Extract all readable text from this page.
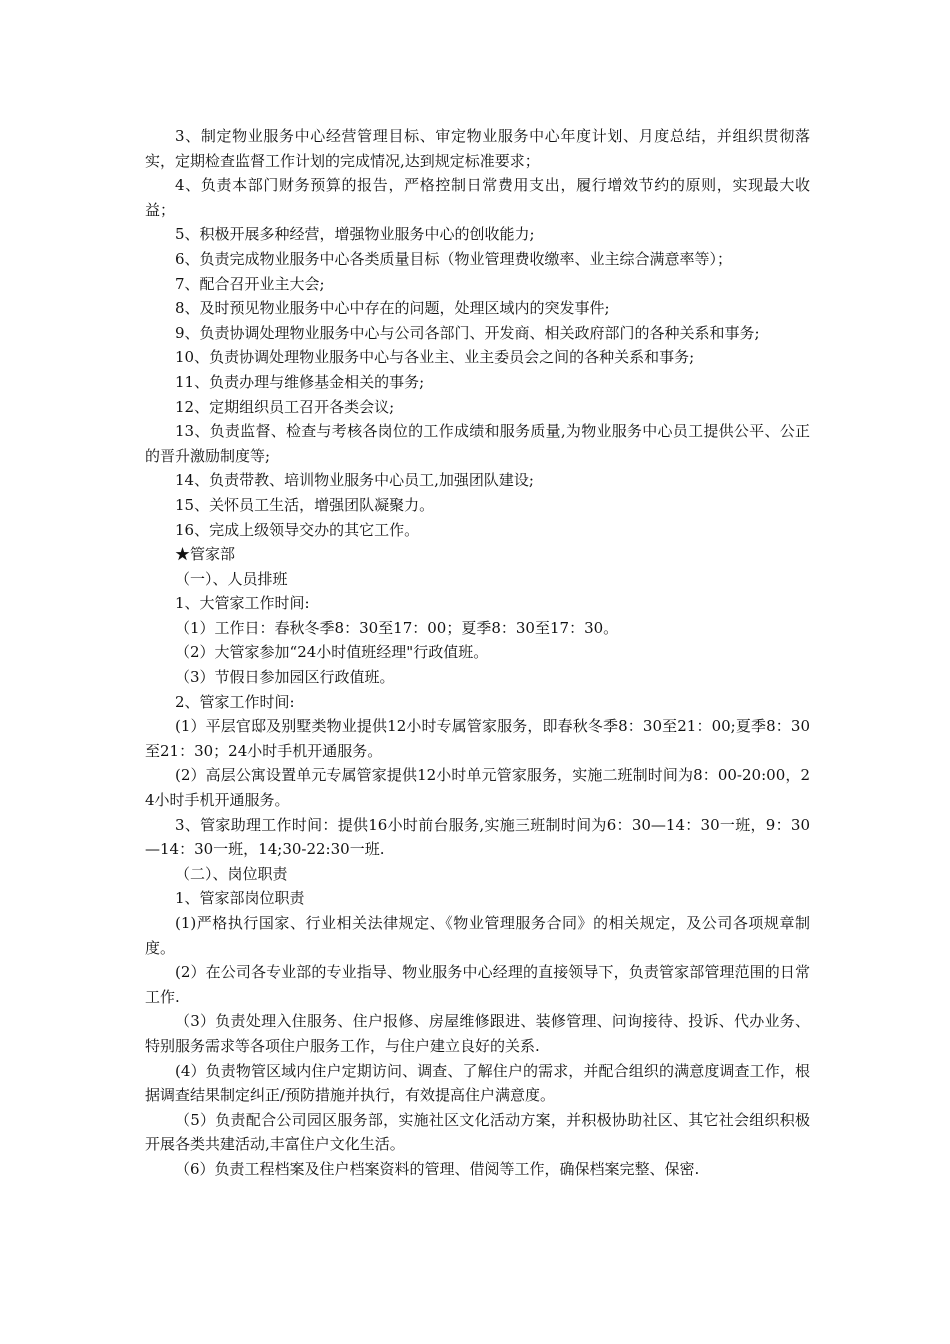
3、制定物业服务中心经营管理目标、审定物业服务中心年度计划、月度总结，并组织贯彻落实，定期检查监督工作计划的完成情况,达到规定标准要求；

4、负责本部门财务预算的报告，严格控制日常费用支出，履行增效节约的原则，实现最大收益；

5、积极开展多种经营，增强物业服务中心的创收能力;

6、负责完成物业服务中心各类质量目标（物业管理费收缴率、业主综合满意率等）；

7、配合召开业主大会;

8、及时预见物业服务中心中存在的问题，处理区域内的突发事件;

9、负责协调处理物业服务中心与公司各部门、开发商、相关政府部门的各种关系和事务;

10、负责协调处理物业服务中心与各业主、业主委员会之间的各种关系和事务;

11、负责办理与维修基金相关的事务;

12、定期组织员工召开各类会议;

13、负责监督、检查与考核各岗位的工作成绩和服务质量,为物业服务中心员工提供公平、公正的晋升激励制度等;

14、负责带教、培训物业服务中心员工,加强团队建设;

15、关怀员工生活，增强团队凝聚力。

16、完成上级领导交办的其它工作。

★管家部

（一）、人员排班

1、大管家工作时间:

（1）工作日：春秋冬季8：30至17：00；夏季8：30至17：30。

（2）大管家参加“24小时值班经理"行政值班。

（3）节假日参加园区行政值班。

2、管家工作时间:

(1）平层官邸及别墅类物业提供12小时专属管家服务，即春秋冬季8：30至21：00;夏季8：30至21：30；24小时手机开通服务。

(2）高层公寓设置单元专属管家提供12小时单元管家服务，实施二班制时间为8：00-20:00，24小时手机开通服务。

3、管家助理工作时间：提供16小时前台服务,实施三班制时间为6：30—14：30一班，9：30—14：30一班，14;30-22:30一班.

（二）、岗位职责

1、管家部岗位职责

(1)严格执行国家、行业相关法律规定、《物业管理服务合同》的相关规定，及公司各项规章制度。

(2）在公司各专业部的专业指导、物业服务中心经理的直接领导下，负责管家部管理范围的日常工作.

（3）负责处理入住服务、住户报修、房屋维修跟进、装修管理、问询接待、投诉、代办业务、特别服务需求等各项住户服务工作，与住户建立良好的关系.

(4）负责物管区域内住户定期访问、调查、了解住户的需求，并配合组织的满意度调查工作，根据调查结果制定纠正/预防措施并执行，有效提高住户满意度。

（5）负责配合公司园区服务部，实施社区文化活动方案，并积极协助社区、其它社会组织积极开展各类共建活动,丰富住户文化生活。

（6）负责工程档案及住户档案资料的管理、借阅等工作，确保档案完整、保密.
